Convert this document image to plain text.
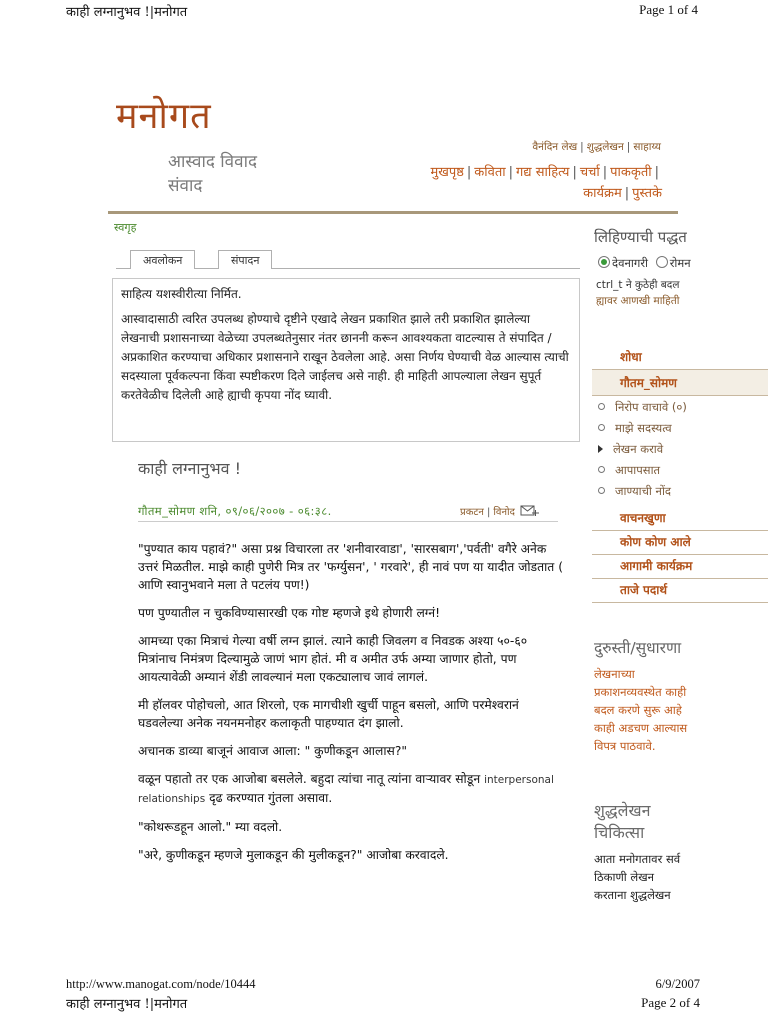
काही लग्नानुभव !|मनोगत	Page 1 of 4
मनोगत
आस्वाद विवाद
संवाद
वैनंदिन लेख | शुद्धलेखन | साहाय्य
मुखपृष्ठ | कविता | गद्य साहित्य | चर्चा | पाककृती |
कार्यक्रम | पुस्तके
स्वगृह
अवलोकन	संपादन

साहित्य यशस्वीरीत्या निर्मित.

आस्वादासाठी त्वरित उपलब्ध होण्याचे दृष्टीने एखादे लेखन प्रकाशित झाले तरी प्रकाशित झालेल्या लेखनाची प्रशासनाच्या वेळेच्या उपलब्धतेनुसार नंतर छाननी करून आवश्यकता वाटल्यास ते संपादित / अप्रकाशित करण्याचा अधिकार प्रशासनाने राखून ठेवलेला आहे. असा निर्णय घेण्याची वेळ आल्यास त्याची सदस्याला पूर्वकल्पना किंवा स्पष्टीकरण दिले जाईलच असे नाही. ही माहिती आपल्याला लेखन सुपूर्त करतेवेळीच दिलेली आहे ह्याची कृपया नोंद घ्यावी.

काही लग्नानुभव !
गौतम_सोमण शनि, ०९/०६/२००७ - ०६:३८.	प्रकटन | विनोद

"पुण्यात काय पहावं?" असा प्रश्न विचारला तर 'शनीवारवाडा', 'सारसबाग','पर्वती' वगैरे अनेक उत्तरं मिळतील. माझे काही पुणेरी मित्र तर 'फर्ग्युसन', ' गरवारे', ही नावं पण या यादीत जोडतात ( आणि स्वानुभवाने मला ते पटलंय पण!)

पण पुण्यातील न चुकविण्यासारखी एक गोष्ट म्हणजे इथे होणारी लग्नं!

आमच्या एका मित्राचं गेल्या वर्षी लग्न झालं. त्याने काही जिवलग व निवडक अश्या ५०-६० मित्रांनाच निमंत्रण दिल्यामुळे जाणं भाग होतं. मी व अमीत उर्फ अम्या जाणार होतो, पण आयत्यावेळी अम्यानं शेंडी लावल्यानं मला एकट्यालाच जावं लागलं.

मी हॉलवर पोहोचलो, आत शिरलो, एक मागचीशी खुर्ची पाहून बसलो, आणि परमेश्वरानं घडवलेल्या अनेक नयनमनोहर कलाकृती पाहण्यात दंग झालो.

अचानक डाव्या बाजूनं आवाज आला: " कुणीकडून आलास?"

वळून पहातो तर एक आजोबा बसलेले. बहुदा त्यांचा नातू त्यांना वाऱ्यावर सोडून interpersonal relationships दृढ करण्यात गुंतला असावा.

"कोथरूडहून आलो." म्या वदलो.

"अरे, कुणीकडून म्हणजे मुलाकडून की मुलीकडून?" आजोबा करवादले.

लिहिण्याची पद्धत
देवनागरी रोमन
ctrl_t ने कुठेही बदल
ह्यावर आणखी माहिती
शोधा
गौतम_सोमण
निरोप वाचावे (०)
माझे सदस्यत्व
लेखन करावे
आपापसात
जाण्याची नोंद
वाचनखुणा
कोण कोण आले
आगामी कार्यक्रम
ताजे पदार्थ
दुरुस्ती/सुधारणा
लेखनाच्या
प्रकाशनव्यवस्थेत काही
बदल करणे सुरू आहे
काही अडचण आल्यास
विपत्र पाठवावे.
शुद्धलेखन
चिकित्सा
आता मनोगतावर सर्व
ठिकाणी लेखन
करताना शुद्धलेखन
http://www.manogat.com/node/10444	6/9/2007
काही लग्नानुभव !|मनोगत	Page 2 of 4
